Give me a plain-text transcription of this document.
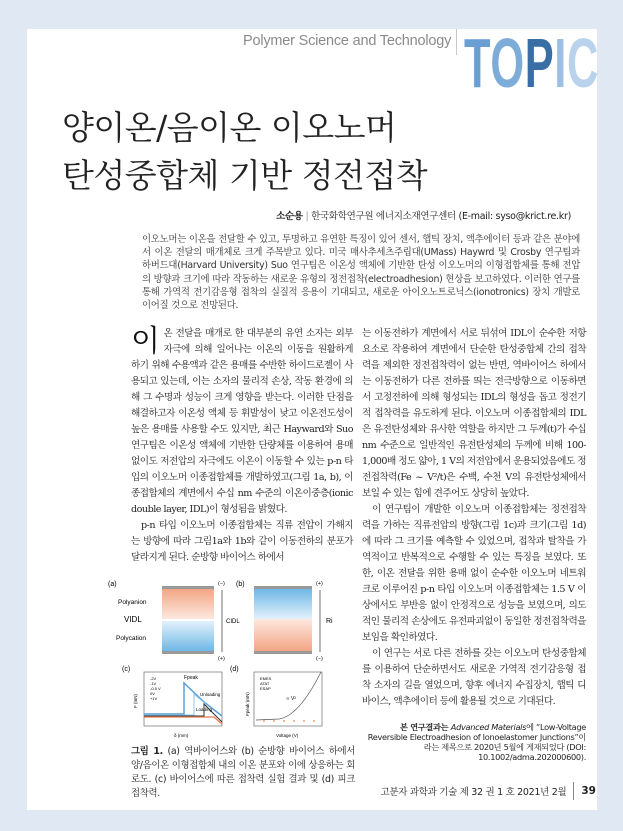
Polymer Science and Technology TOPIC
양이온/음이온 이오노머
탄성중합체 기반 정전접착
소순용 | 한국화학연구원 에너지소재연구센터 (E-mail: syso@krict.re.kr)
이오노머는 이온을 전달할 수 있고, 투명하고 유연한 특징이 있어 센서, 햅틱 장치, 액추에이터 등과 같은 분야에서 이온 전달의 매개체로 크게 주목받고 있다. 미국 매사추세츠주립대(UMass) Haywrd 및 Crosby 연구팀과 하버드대(Harvard University) Suo 연구팀은 이온성 액체에 기반한 탄성 이오노머의 이형접합체를 통해 전압의 방향과 크기에 따라 작동하는 새로운 유형의 정전접착(electroadhesion) 현상을 보고하였다. 이러한 연구를 통해 가역적 전기감응형 접착의 실질적 응용이 기대되고, 새로운 아이오노트로닉스(ionotronics) 장치 개발로 이어질 것으로 전망된다.

이온 전달을 매개로 한 대부분의 유연 소자는 외부 자극에 의해 일어나는 이온의 이동을 원활하게 하기 위해 수용액과 같은 용매를 수반한 하이드로젤이 사용되고 있는데, 이는 소자의 물리적 손상, 작동 환경에 의해 그 수명과 성능이 크게 영향을 받는다. 이러한 단점을 해결하고자 이온성 액체 등 휘발성이 낮고 이온전도성이 높은 용매를 사용할 수도 있지만, 최근 Hayward와 Suo 연구팀은 이온성 액체에 기반한 단량체를 이용하여 용매없이도 저전압의 자극에도 이온이 이동할 수 있는 p-n 타입의 이오노머 이종접합체를 개발하였고(그림 1a, b), 이종접합체의 계면에서 수십 nm 수준의 이온이중층(ionic double layer, IDL)이 형성됨을 밝혔다.

p-n 타입 이오노머 이종접합체는 직류 전압이 가해지는 방향에 따라 그림1a와 1b와 같이 이동전하의 분포가 달라지게 된다. 순방향 바이어스 하에서

(a)
Polyanion
Polycation
VIDL
(−)
(+)
CIDL
(b)	(+)
(−)
Ri
(c)
Fpeak
Unloading
Loading
δ (mm)
F (mN)
-2V
-1V
-0.5 V
0V
+1V
(d)
∝ V²
Voltage (V)
Fpeak (mN)
EMES
ATAT
ESAP
그림 1. (a) 역바이어스와 (b) 순방향 바이어스 하에서 양/음이온 이형접합체 내의 이온 분포와 이에 상응하는 회로도. (c) 바이어스에 따른 접착력 실험 결과 및 (d) 피크 접착력.

는 이동전하가 계면에서 서로 뒤섞여 IDL이 순수한 저항요소로 작용하여 계면에서 단순한 탄성중합체 간의 접착력을 제외한 정전접착력이 없는 반면, 역바이어스 하에서는 이동전하가 다른 전하를 띄는 전극방향으로 이동하면서 고정전하에 의해 형성되는 IDL의 형성을 돕고 정전기적 접착력을 유도하게 된다. 이오노머 이종접합체의 IDL은 유전탄성체와 유사한 역할을 하지만 그 두께(t)가 수십 nm 수준으로 일반적인 유전탄성체의 두께에 비해 100-1,000배 정도 얇아, 1 V의 저전압에서 운용되었음에도 정전접착력(Fe ~ V²/t)은 수백, 수천 V의 유전탄성체에서 보일 수 있는 힘에 견주어도 상당히 높았다.

이 연구팀이 개발한 이오노머 이종접합체는 정전접착력을 가하는 직류전압의 방향(그림 1c)과 크기(그림 1d)에 따라 그 크기를 예측할 수 있었으며, 접착과 탈착을 가역적이고 반복적으로 수행할 수 있는 특징을 보였다. 또한, 이온 전달을 위한 용매 없이 순수한 이오노머 네트워크로 이루어진 p-n 타입 이오노머 이종접합체는 1.5 V 이상에서도 부반응 없이 안정적으로 성능을 보였으며, 의도적인 물리적 손상에도 유전파괴없이 동일한 정전접착력을 보임을 확인하였다.

이 연구는 서로 다른 전하를 갖는 이오노머 탄성중합체를 이용하여 단순하면서도 새로운 가역적 전기감응형 접착 소자의 길을 열었으며, 향후 에너지 수집장치, 햅틱 디바이스, 액추에이터 등에 활용될 것으로 기대된다.

본 연구결과는 Advanced Materials에 “Low-Voltage Reversible Electroadhesion of Ionoelastomer Junctions”이라는 제목으로 2020년 5월에 게재되었다 (DOI: 10.1002/adma.202000600).
고분자 과학과 기술 제 32 권 1 호 2021년 2월 39
